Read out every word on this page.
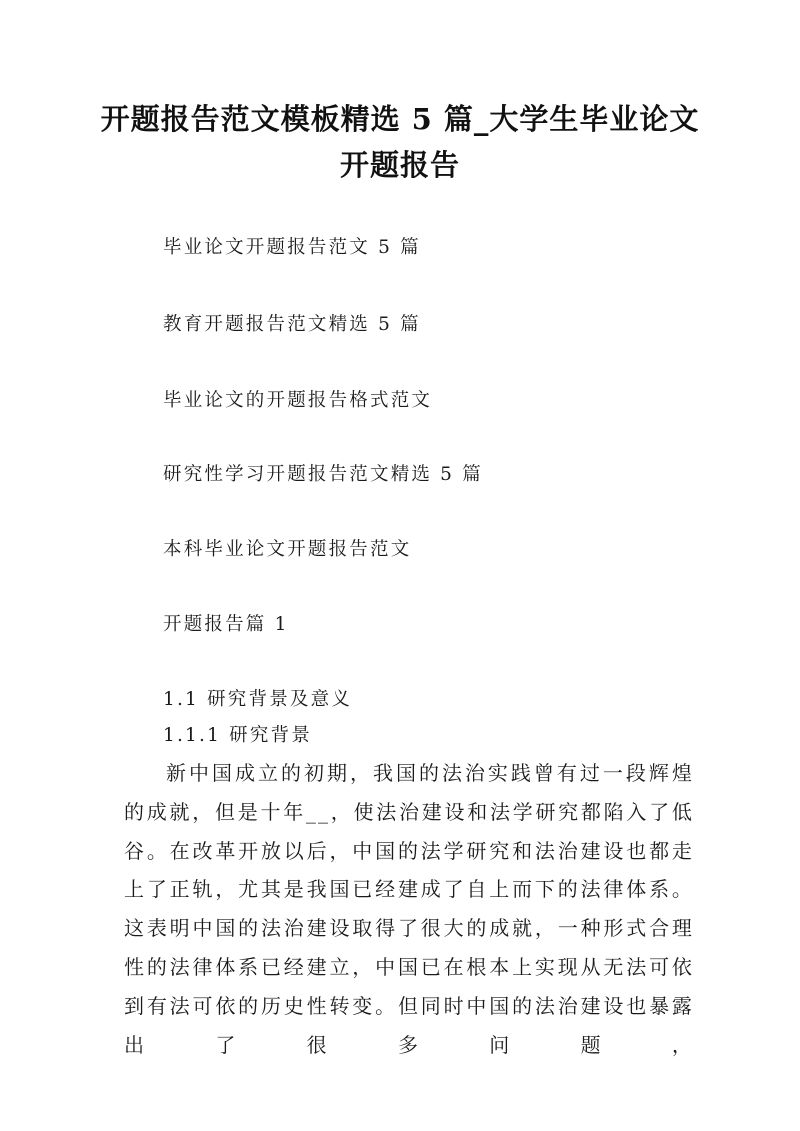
开题报告范文模板精选 5 篇_大学生毕业论文开题报告

毕业论文开题报告范文 5 篇

教育开题报告范文精选 5 篇

毕业论文的开题报告格式范文

研究性学习开题报告范文精选 5 篇

本科毕业论文开题报告范文

开题报告篇 1

1.1 研究背景及意义

1.1.1 研究背景

新中国成立的初期，我国的法治实践曾有过一段辉煌的成就，但是十年__，使法治建设和法学研究都陷入了低谷。在改革开放以后，中国的法学研究和法治建设也都走上了正轨，尤其是我国已经建成了自上而下的法律体系。这表明中国的法治建设取得了很大的成就，一种形式合理性的法律体系已经建立，中国已在根本上实现从无法可依到有法可依的历史性转变。但同时中国的法治建设也暴露出了很多问题，
